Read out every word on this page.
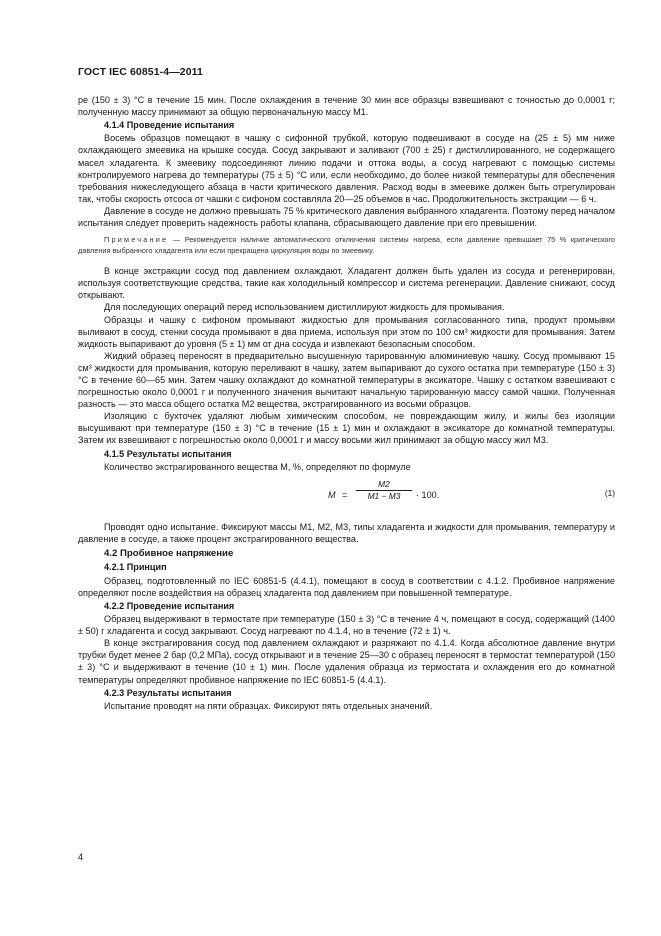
ГОСТ IEC 60851-4—2011

ре (150 ± 3) °С в течение 15 мин. После охлаждения в течение 30 мин все образцы взвешивают с точностью до 0,0001 г; полученную массу принимают за общую первоначальную массу M1.

4.1.4 Проведение испытания

Восемь образцов помещают в чашку с сифонной трубкой, которую подвешивают в сосуде на (25 ± 5) мм ниже охлаждающего змеевика на крышке сосуда. Сосуд закрывают и заливают (700 ± 25) г дистиллированного, не содержащего масел хладагента. К змеевику подсоединяют линию подачи и оттока воды, а сосуд нагревают с помощью системы контролируемого нагрева до температуры (75 ± 5) °С или, если необходимо, до более низкой температуры для обеспечения требования нижеследующего абзаца в части критического давления. Расход воды в змеевике должен быть отрегулирован так, чтобы скорость отсоса от чашки с сифоном составляла 20—25 объемов в час. Продолжительность экстракции — 6 ч.

Давление в сосуде не должно превышать 75 % критического давления выбранного хладагента. Поэтому перед началом испытания следует проверить надежность работы клапана, сбрасывающего давление при его превышении.

Примечание — Рекомендуется наличие автоматического отключения системы нагрева, если давление превышает 75 % критического давления выбранного хладагента или если прекращена циркуляция воды по змеевику.

В конце экстракции сосуд под давлением охлаждают. Хладагент должен быть удален из сосуда и регенерирован, используя соответствующие средства, такие как холодильный компрессор и система регенерации. Давление снижают, сосуд открывают.

Для последующих операций перед использованием дистиллируют жидкость для промывания.

Образцы и чашку с сифоном промывают жидкостью для промывания согласованного типа, продукт промывки выливают в сосуд, стенки сосуда промывают в два приема, используя при этом по 100 см³ жидкости для промывания. Затем жидкость выпаривают до уровня (5 ± 1) мм от дна сосуда и извлекают безопасным способом.

Жидкий образец переносят в предварительно высушенную тарированную алюминиевую чашку. Сосуд промывают 15 см³ жидкости для промывания, которую переливают в чашку, затем выпаривают до сухого остатка при температуре (150 ± 3) °С в течение 60—65 мин. Затем чашку охлаждают до комнатной температуры в эксикаторе. Чашку с остатком взвешивают с погрешностью около 0,0001 г и полученного значения вычитают начальную тарированную массу самой чашки. Полученная разность — это масса общего остатка M2 вещества, экстрагированного из восьми образцов.

Изоляцию с бухточек удаляют любым химическим способом, не повреждающим жилу, и жилы без изоляции высушивают при температуре (150 ± 3) °С в течение (15 ± 1) мин и охлаждают в эксикаторе до комнатной температуры. Затем их взвешивают с погрешностью около 0,0001 г и массу восьми жил принимают за общую массу жил M3.

4.1.5 Результаты испытания

Количество экстрагированного вещества M, %, определяют по формуле

$M = \frac{M2}{M1 - M3} \cdot 100$.	(1)

Проводят одно испытание. Фиксируют массы M1, M2, M3, типы хладагента и жидкости для промывания, температуру и давление в сосуде, а также процент экстрагированного вещества.

4.2 Пробивное напряжение
4.2.1 Принцип

Образец, подготовленный по IEC 60851-5 (4.4.1), помещают в сосуд в соответствии с 4.1.2. Пробивное напряжение определяют после воздействия на образец хладагента под давлением при повышенной температуре.

4.2.2 Проведение испытания

Образец выдерживают в термостате при температуре (150 ± 3) °С в течение 4 ч, помещают в сосуд, содержащий (1400 ± 50) г хладагента и сосуд закрывают. Сосуд нагревают по 4.1.4, но в течение (72 ± 1) ч.

В конце экстрагирования сосуд под давлением охлаждают и разряжают по 4.1.4. Когда абсолютное давление внутри трубки будет менее 2 бар (0,2 МПа), сосуд открывают и в течение 25—30 с образец переносят в термостат температурой (150 ± 3) °С и выдерживают в течение (10 ± 1) мин. После удаления образца из термостата и охлаждения его до комнатной температуры определяют пробивное напряжение по IEC 60851-5 (4.4.1).

4.2.3 Результаты испытания

Испытание проводят на пяти образцах. Фиксируют пять отдельных значений.

4
